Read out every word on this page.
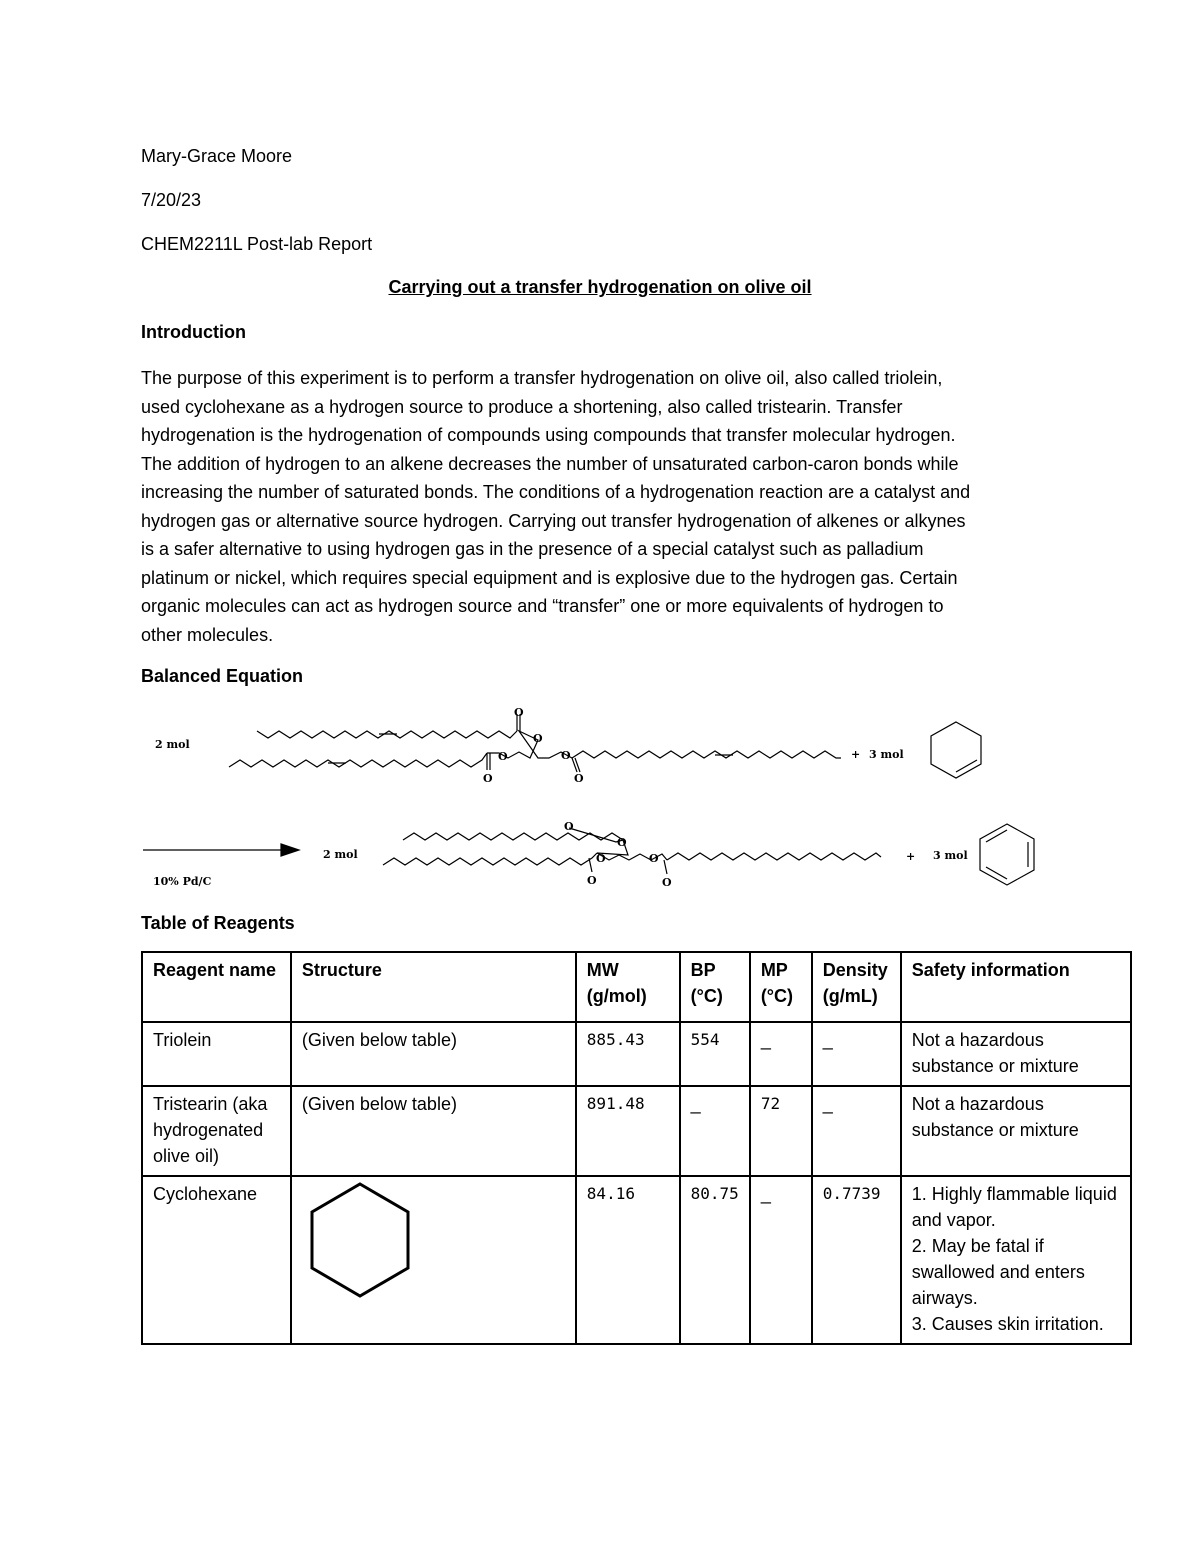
Mary-Grace Moore
7/20/23
CHEM2211L Post-lab Report
Carrying out a transfer hydrogenation on olive oil
Introduction
The purpose of this experiment is to perform a transfer hydrogenation on olive oil, also called triolein,
used cyclohexane as a hydrogen source to produce a shortening, also called tristearin. Transfer
hydrogenation is the hydrogenation of compounds using compounds that transfer molecular hydrogen.
The addition of hydrogen to an alkene decreases the number of unsaturated carbon-caron bonds while
increasing the number of saturated bonds. The conditions of a hydrogenation reaction are a catalyst and
hydrogen gas or alternative source hydrogen. Carrying out transfer hydrogenation of alkenes or alkynes
is a safer alternative to using hydrogen gas in the presence of a special catalyst such as palladium
platinum or nickel, which requires special equipment and is explosive due to the hydrogen gas. Certain
organic molecules can act as hydrogen source and “transfer” one or more equivalents of hydrogen to
other molecules.
Balanced Equation
O
O	O
O
O
O
O
O
O	O
O	O
2 mol
+ 3 mol
10% Pd/C
2 mol	+ 3 mol
Table of Reagents
Reagent name	Structure	MW (g/mol)	BP (°C)	MP (°C)	Density (g/mL)	Safety information
Triolein	(Given below table)	885.43	554	_	_	Not a hazardous substance or mixture
Tristearin (aka hydrogenated olive oil)	(Given below table)	891.48	_	72	_	Not a hazardous substance or mixture
Cyclohexane		84.16	80.75	_	0.7739	1. Highly flammable liquid and vapor.
2. May be fatal if swallowed and enters airways.
3. Causes skin irritation.
